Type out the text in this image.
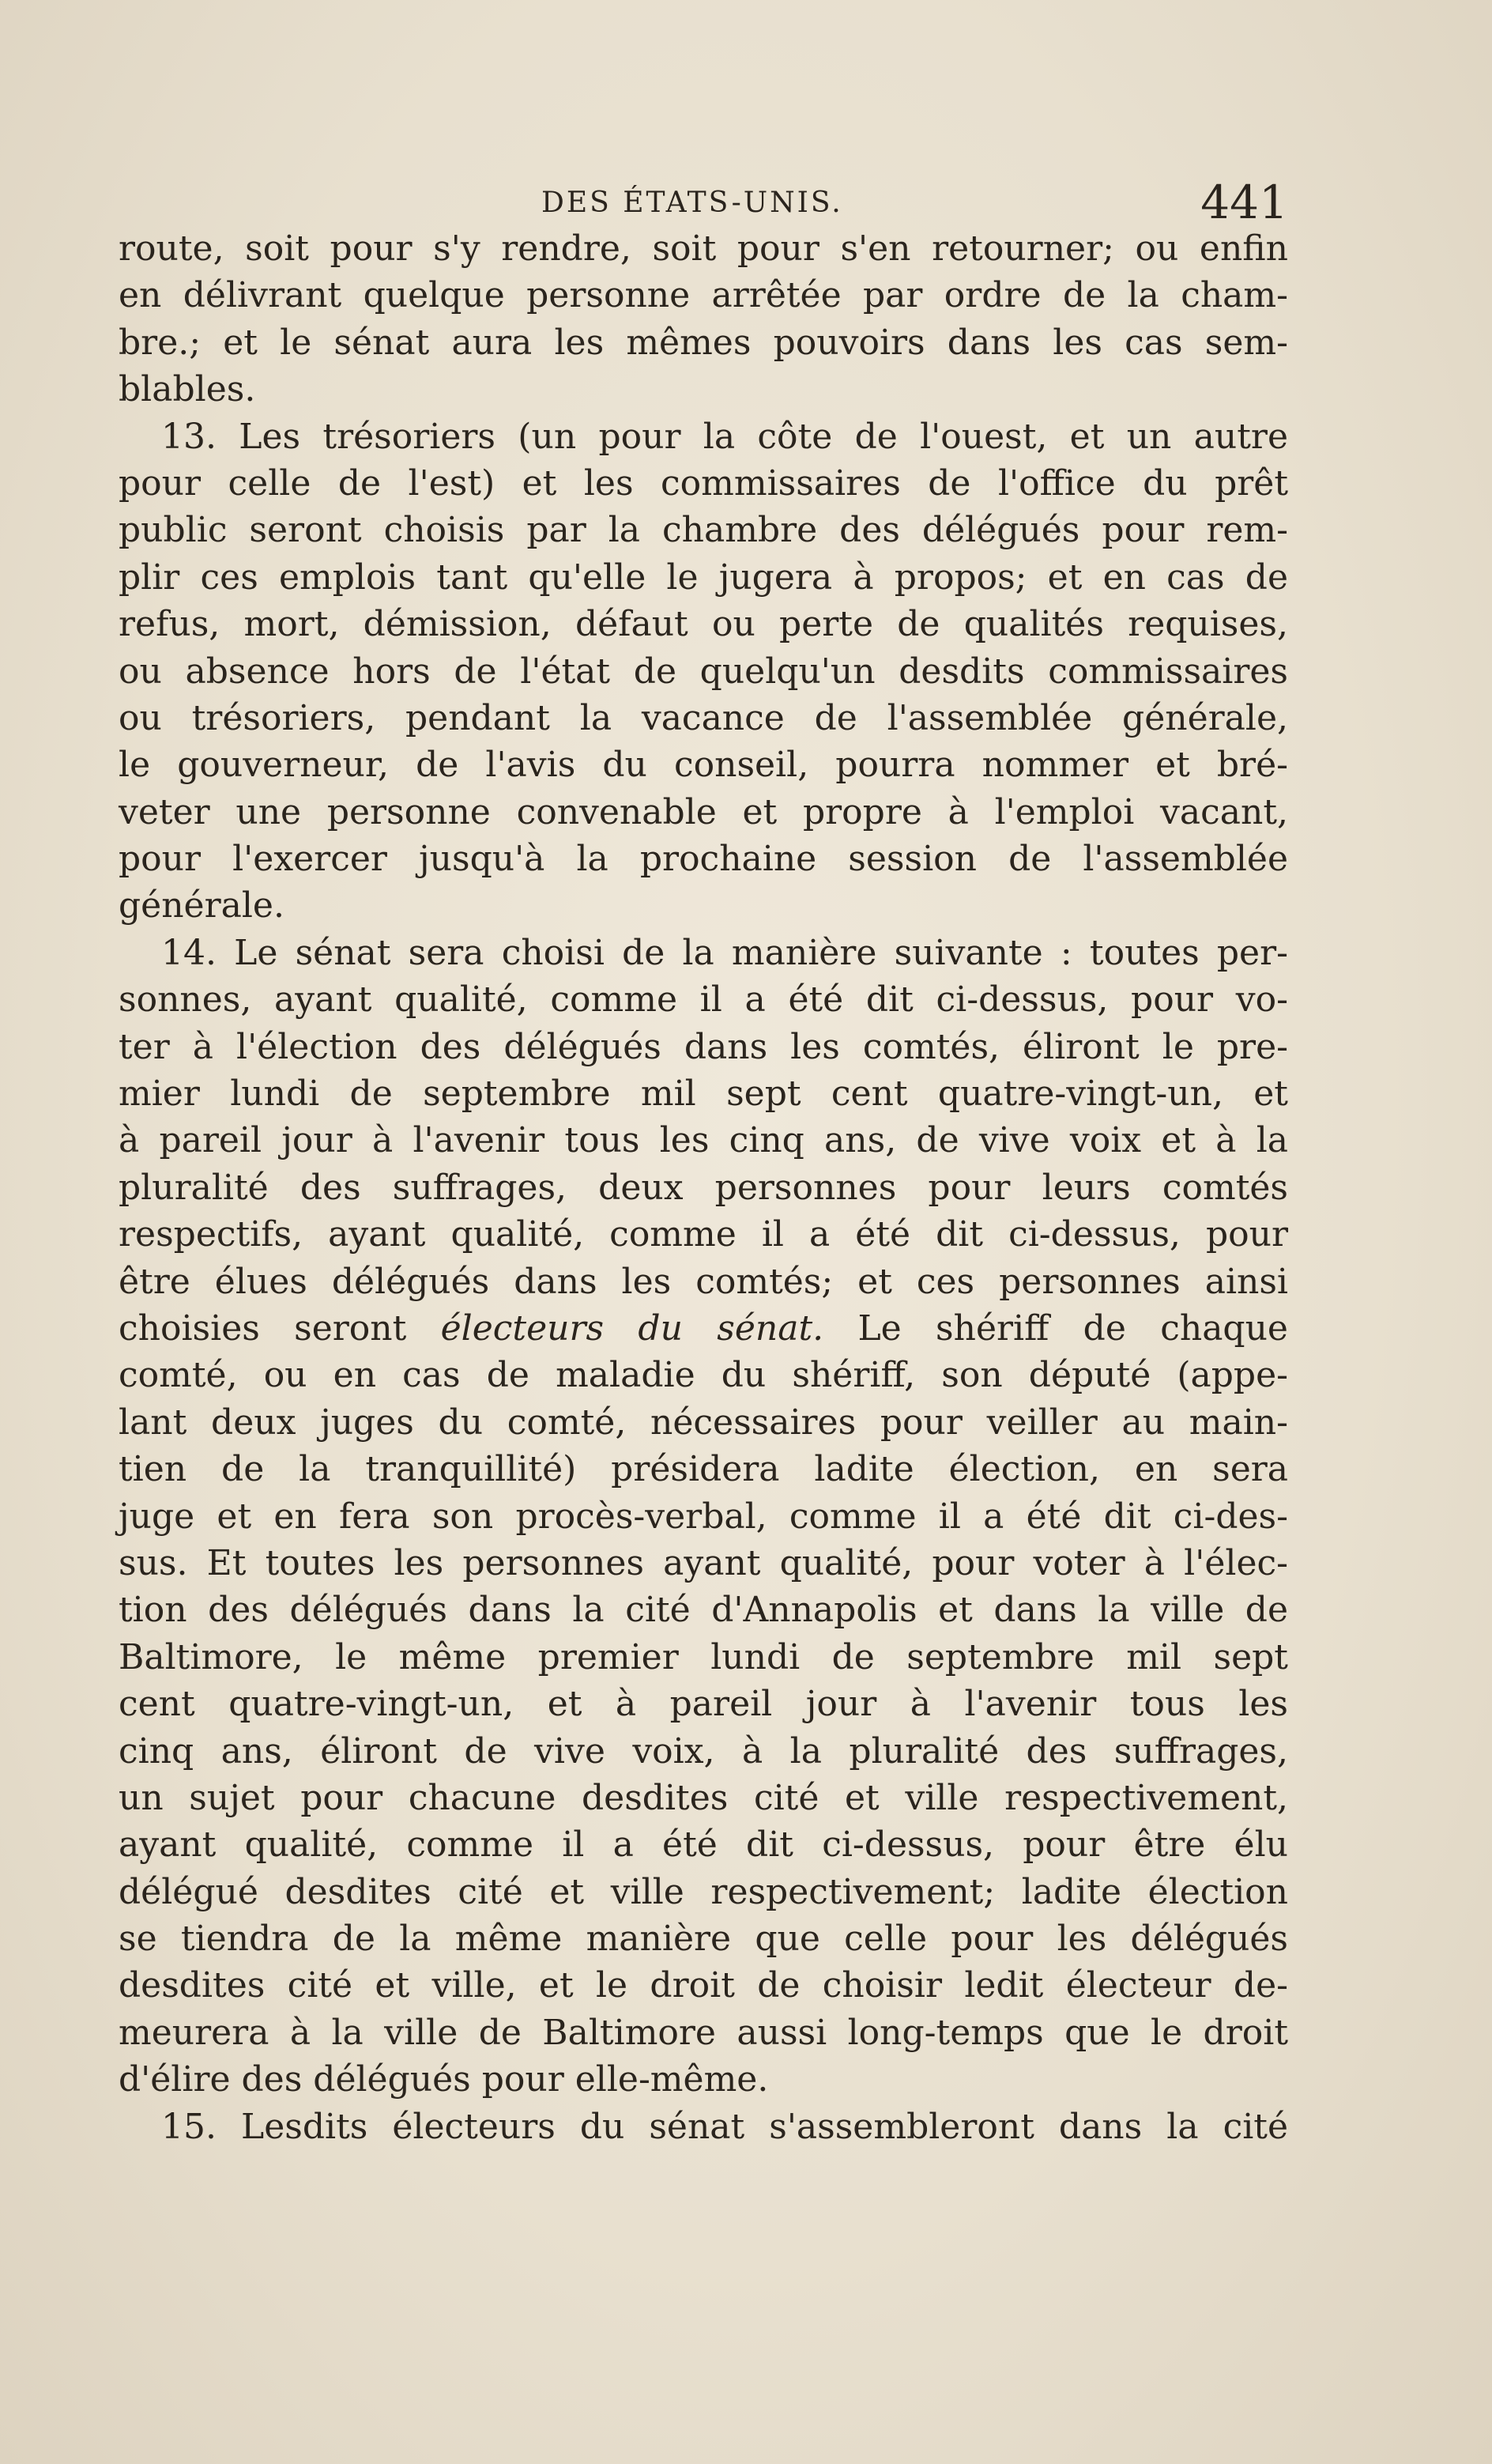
DES ÉTATS-UNIS.	441
route, soit pour s'y rendre, soit pour s'en retourner; ou enfin
en délivrant quelque personne arrêtée par ordre de la cham-
bre.; et le sénat aura les mêmes pouvoirs dans les cas sem-
blables.
13. Les trésoriers (un pour la côte de l'ouest, et un autre
pour celle de l'est) et les commissaires de l'office du prêt
public seront choisis par la chambre des délégués pour rem-
plir ces emplois tant qu'elle le jugera à propos; et en cas de
refus, mort, démission, défaut ou perte de qualités requises,
ou absence hors de l'état de quelqu'un desdits commissaires
ou trésoriers, pendant la vacance de l'assemblée générale,
le gouverneur, de l'avis du conseil, pourra nommer et bré-
veter une personne convenable et propre à l'emploi vacant,
pour l'exercer jusqu'à la prochaine session de l'assemblée
générale.
14. Le sénat sera choisi de la manière suivante : toutes per-
sonnes, ayant qualité, comme il a été dit ci-dessus, pour vo-
ter à l'élection des délégués dans les comtés, éliront le pre-
mier lundi de septembre mil sept cent quatre-vingt-un, et
à pareil jour à l'avenir tous les cinq ans, de vive voix et à la
pluralité des suffrages, deux personnes pour leurs comtés
respectifs, ayant qualité, comme il a été dit ci-dessus, pour
être élues délégués dans les comtés; et ces personnes ainsi
choisies seront électeurs du sénat. Le shériff de chaque
comté, ou en cas de maladie du shériff, son député (appe-
lant deux juges du comté, nécessaires pour veiller au main-
tien de la tranquillité) présidera ladite élection, en sera
juge et en fera son procès-verbal, comme il a été dit ci-des-
sus. Et toutes les personnes ayant qualité, pour voter à l'élec-
tion des délégués dans la cité d'Annapolis et dans la ville de
Baltimore, le même premier lundi de septembre mil sept
cent quatre-vingt-un, et à pareil jour à l'avenir tous les
cinq ans, éliront de vive voix, à la pluralité des suffrages,
un sujet pour chacune desdites cité et ville respectivement,
ayant qualité, comme il a été dit ci-dessus, pour être élu
délégué desdites cité et ville respectivement; ladite élection
se tiendra de la même manière que celle pour les délégués
desdites cité et ville, et le droit de choisir ledit électeur de-
meurera à la ville de Baltimore aussi long-temps que le droit
d'élire des délégués pour elle-même.
15. Lesdits électeurs du sénat s'assembleront dans la cité
